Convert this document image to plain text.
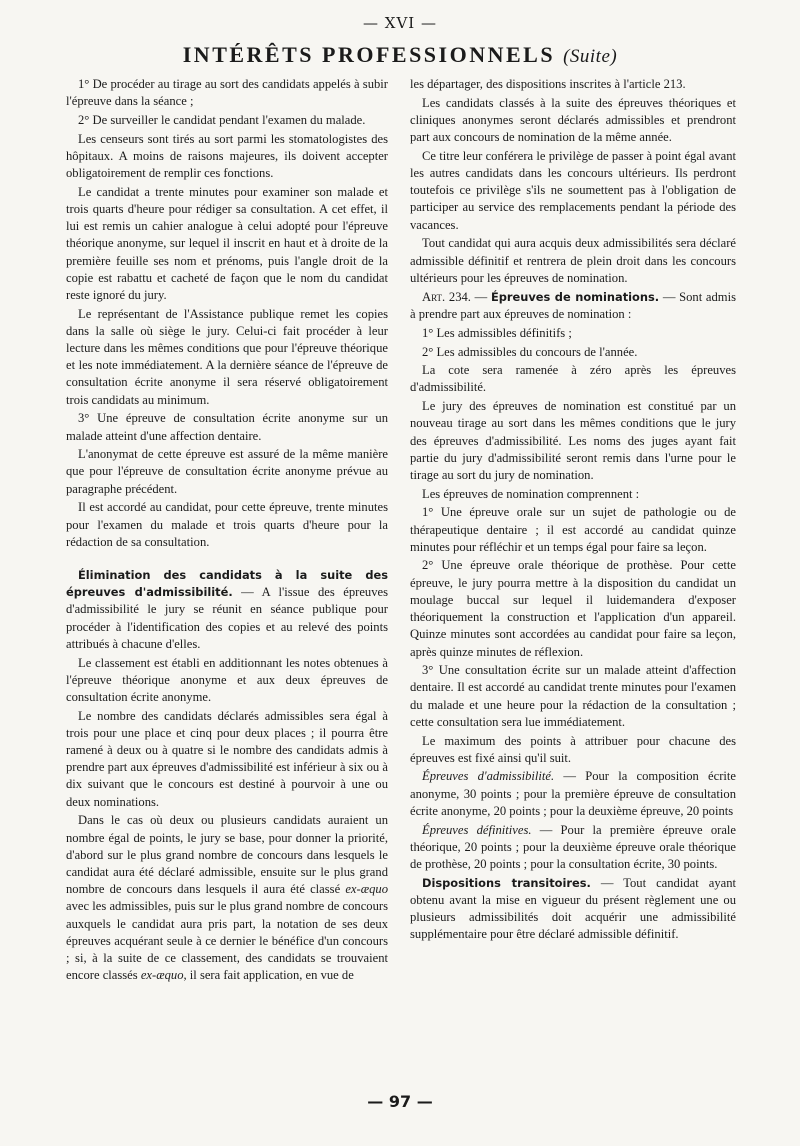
— XVI —
INTÉRÊTS PROFESSIONNELS (Suite)

1° De procéder au tirage au sort des candidats appelés à subir l'épreuve dans la séance ;

2° De surveiller le candidat pendant l'examen du malade.

Les censeurs sont tirés au sort parmi les stomatologistes des hôpitaux. A moins de raisons majeures, ils doivent accepter obligatoirement de remplir ces fonctions.

Le candidat a trente minutes pour examiner son malade et trois quarts d'heure pour rédiger sa consultation. A cet effet, il lui est remis un cahier analogue à celui adopté pour l'épreuve théorique anonyme, sur lequel il inscrit en haut et à droite de la première feuille ses nom et prénoms, puis l'angle droit de la copie est rabattu et cacheté de façon que le nom du candidat reste ignoré du jury.

Le représentant de l'Assistance publique remet les copies dans la salle où siège le jury. Celui-ci fait procéder à leur lecture dans les mêmes conditions que pour l'épreuve théorique et les note immédiatement. A la dernière séance de l'épreuve de consultation écrite anonyme il sera réservé obligatoirement trois candidats au minimum.

3° Une épreuve de consultation écrite anonyme sur un malade atteint d'une affection dentaire.

L'anonymat de cette épreuve est assuré de la même manière que pour l'épreuve de consultation écrite anonyme prévue au paragraphe précédent.

Il est accordé au candidat, pour cette épreuve, trente minutes pour l'examen du malade et trois quarts d'heure pour la rédaction de sa consultation.

Élimination des candidats à la suite des épreuves d'admissibilité. — A l'issue des épreuves d'admissibilité le jury se réunit en séance publique pour procéder à l'identification des copies et au relevé des points attribués à chacune d'elles.

Le classement est établi en additionnant les notes obtenues à l'épreuve théorique anonyme et aux deux épreuves de consultation écrite anonyme.

Le nombre des candidats déclarés admissibles sera égal à trois pour une place et cinq pour deux places ; il pourra être ramené à deux ou à quatre si le nombre des candidats admis à prendre part aux épreuves d'admissibilité est inférieur à six ou à dix suivant que le concours est destiné à pourvoir à une ou deux nominations.

Dans le cas où deux ou plusieurs candidats auraient un nombre égal de points, le jury se base, pour donner la priorité, d'abord sur le plus grand nombre de concours dans lesquels le candidat aura été déclaré admissible, ensuite sur le plus grand nombre de concours dans lesquels il aura été classé ex-æquo avec les admissibles, puis sur le plus grand nombre de concours auxquels le candidat aura pris part, la notation de ses deux épreuves acquérant seule à ce dernier le bénéfice d'un concours ; si, à la suite de ce classement, des candidats se trouvaient encore classés ex-æquo, il sera fait application, en vue de

les départager, des dispositions inscrites à l'article 213.

Les candidats classés à la suite des épreuves théoriques et cliniques anonymes seront déclarés admissibles et prendront part aux concours de nomination de la même année.

Ce titre leur conférera le privilège de passer à point égal avant les autres candidats dans les concours ultérieurs. Ils perdront toutefois ce privilège s'ils ne soumettent pas à l'obligation de participer au service des remplacements pendant la période des vacances.

Tout candidat qui aura acquis deux admissibilités sera déclaré admissible définitif et rentrera de plein droit dans les concours ultérieurs pour les épreuves de nomination.

Art. 234. — Épreuves de nominations. — Sont admis à prendre part aux épreuves de nomination :

1° Les admissibles définitifs ;

2° Les admissibles du concours de l'année.

La cote sera ramenée à zéro après les épreuves d'admissibilité.

Le jury des épreuves de nomination est constitué par un nouveau tirage au sort dans les mêmes conditions que le jury des épreuves d'admissibilité. Les noms des juges ayant fait partie du jury d'admissibilité seront remis dans l'urne pour le tirage au sort du jury de nomination.

Les épreuves de nomination comprennent :

1° Une épreuve orale sur un sujet de pathologie ou de thérapeutique dentaire ; il est accordé au candidat quinze minutes pour réfléchir et un temps égal pour faire sa leçon.

2° Une épreuve orale théorique de prothèse. Pour cette épreuve, le jury pourra mettre à la disposition du candidat un moulage buccal sur lequel il luidemandera d'exposer théoriquement la construction et l'application d'un appareil. Quinze minutes sont accordées au candidat pour faire sa leçon, après quinze minutes de réflexion.

3° Une consultation écrite sur un malade atteint d'affection dentaire. Il est accordé au candidat trente minutes pour l'examen du malade et une heure pour la rédaction de la consultation ; cette consultation sera lue immédiatement.

Le maximum des points à attribuer pour chacune des épreuves est fixé ainsi qu'il suit.

Épreuves d'admissibilité. — Pour la composition écrite anonyme, 30 points ; pour la première épreuve de consultation écrite anonyme, 20 points ; pour la deuxième épreuve, 20 points

Épreuves définitives. — Pour la première épreuve orale théorique, 20 points ; pour la deuxième épreuve orale théorique de prothèse, 20 points ; pour la consultation écrite, 30 points.

Dispositions transitoires. — Tout candidat ayant obtenu avant la mise en vigueur du présent règlement une ou plusieurs admissibilités doit acquérir une admissibilité supplémentaire pour être déclaré admissible définitif.

— 97 —
